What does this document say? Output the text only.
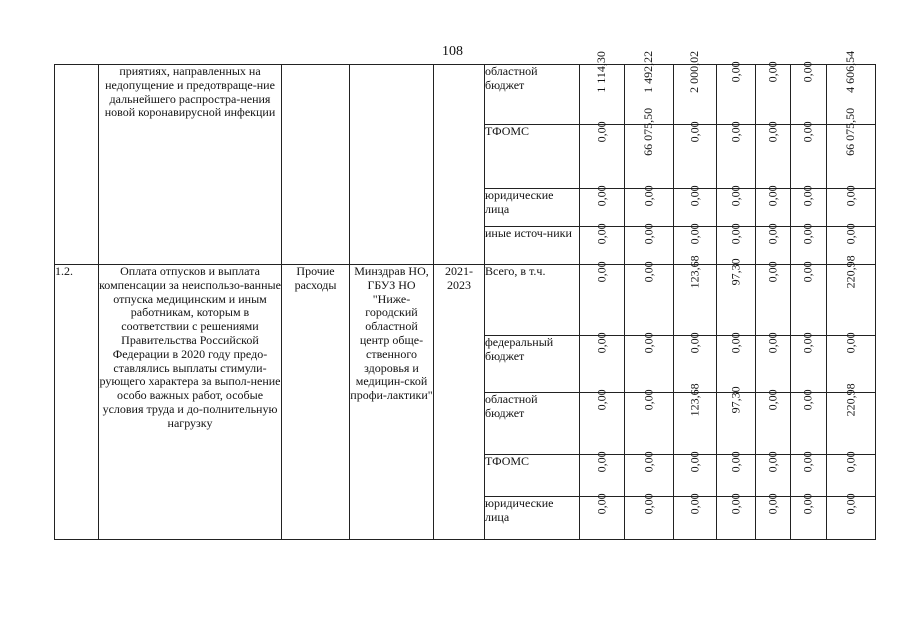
108
	приятиях, направленных на недопущение и предотвраще-ние дальнейшего распростра-нения новой коронавирусной инфекции				областной бюджет	1 114,30	1 492,22	2 000,02	0,00	0,00	0,00	4 606,54
					ТФОМС	0,00	66 075,50	0,00	0,00	0,00	0,00	66 075,50
					юридические лица	0,00	0,00	0,00	0,00	0,00	0,00	0,00
					иные источ-ники	0,00	0,00	0,00	0,00	0,00	0,00	0,00
1.2.	Оплата отпусков и выплата компенсации за неиспользо-ванные отпуска медицинским и иным работникам, которым в соответствии с решениями Правительства Российской Федерации в 2020 году предо-ставлялись выплаты стимули-рующего характера за выпол-нение особо важных работ, особые условия труда и до-полнительную нагрузку	Прочие расходы	Минздрав НО, ГБУЗ НО "Ниже-городский областной центр обще-ственного здоровья и медицин-ской профи-лактики"	2021-2023	Всего, в т.ч.	0,00	0,00	123,68	97,30	0,00	0,00	220,98
					федеральный бюджет	0,00	0,00	0,00	0,00	0,00	0,00	0,00
					областной бюджет	0,00	0,00	123,68	97,30	0,00	0,00	220,98
					ТФОМС	0,00	0,00	0,00	0,00	0,00	0,00	0,00
					юридические лица	0,00	0,00	0,00	0,00	0,00	0,00	0,00
